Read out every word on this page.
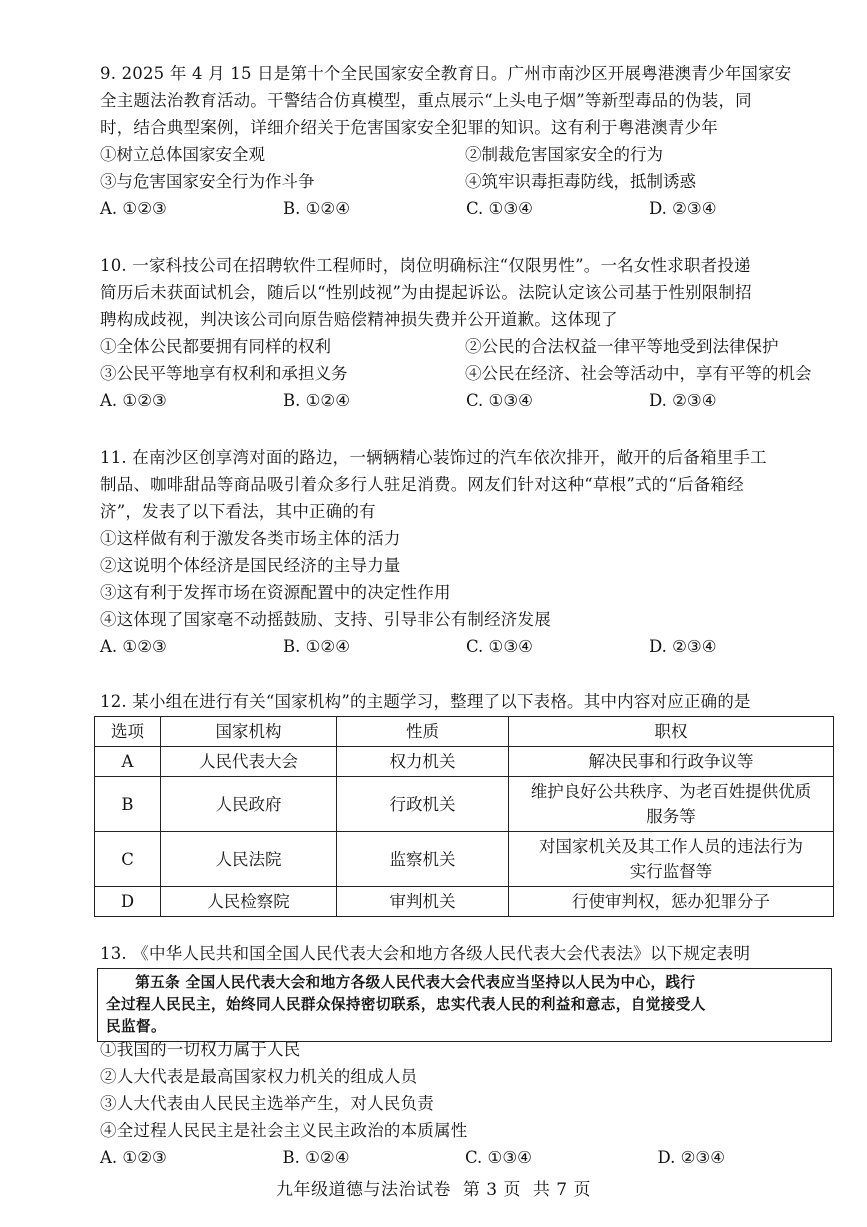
9. 2025 年 4 月 15 日是第十个全民国家安全教育日。广州市南沙区开展粤港澳青少年国家安
全主题法治教育活动。干警结合仿真模型，重点展示“上头电子烟”等新型毒品的伪装，同
时，结合典型案例，详细介绍关于危害国家安全犯罪的知识。这有利于粤港澳青少年
①树立总体国家安全观	②制裁危害国家安全的行为
③与危害国家安全行为作斗争	④筑牢识毒拒毒防线，抵制诱惑
A. ①②③	B. ①②④	C. ①③④	D. ②③④
10. 一家科技公司在招聘软件工程师时，岗位明确标注“仅限男性”。一名女性求职者投递
简历后未获面试机会，随后以“性别歧视”为由提起诉讼。法院认定该公司基于性别限制招
聘构成歧视，判决该公司向原告赔偿精神损失费并公开道歉。这体现了
①全体公民都要拥有同样的权利	②公民的合法权益一律平等地受到法律保护
③公民平等地享有权利和承担义务	④公民在经济、社会等活动中，享有平等的机会
A. ①②③	B. ①②④	C. ①③④	D. ②③④
11. 在南沙区创享湾对面的路边，一辆辆精心装饰过的汽车依次排开，敞开的后备箱里手工
制品、咖啡甜品等商品吸引着众多行人驻足消费。网友们针对这种“草根”式的“后备箱经
济”，发表了以下看法，其中正确的有
①这样做有利于激发各类市场主体的活力
②这说明个体经济是国民经济的主导力量
③这有利于发挥市场在资源配置中的决定性作用
④这体现了国家毫不动摇鼓励、支持、引导非公有制经济发展
A. ①②③	B. ①②④	C. ①③④	D. ②③④
12. 某小组在进行有关“国家机构”的主题学习，整理了以下表格。其中内容对应正确的是
选项	国家机构	性质	职权
A	人民代表大会	权力机关	解决民事和行政争议等
B	人民政府	行政机关	维护良好公共秩序、为老百姓提供优质
服务等

C	人民法院	监察机关	对国家机关及其工作人员的违法行为
实行监督等

D	人民检察院	审判机关	行使审判权，惩办犯罪分子
13. 《中华人民共和国全国人民代表大会和地方各级人民代表大会代表法》以下规定表明
第五条 全国人民代表大会和地方各级人民代表大会代表应当坚持以人民为中心，践行
全过程人民民主，始终同人民群众保持密切联系，忠实代表人民的利益和意志，自觉接受人
民监督。
①我国的一切权力属于人民
②人大代表是最高国家权力机关的组成人员
③人大代表由人民民主选举产生，对人民负责
④全过程人民民主是社会主义民主政治的本质属性
A. ①②③	B. ①②④	C. ①③④	D. ②③④
九年级道德与法治试卷 第 3 页 共 7 页
